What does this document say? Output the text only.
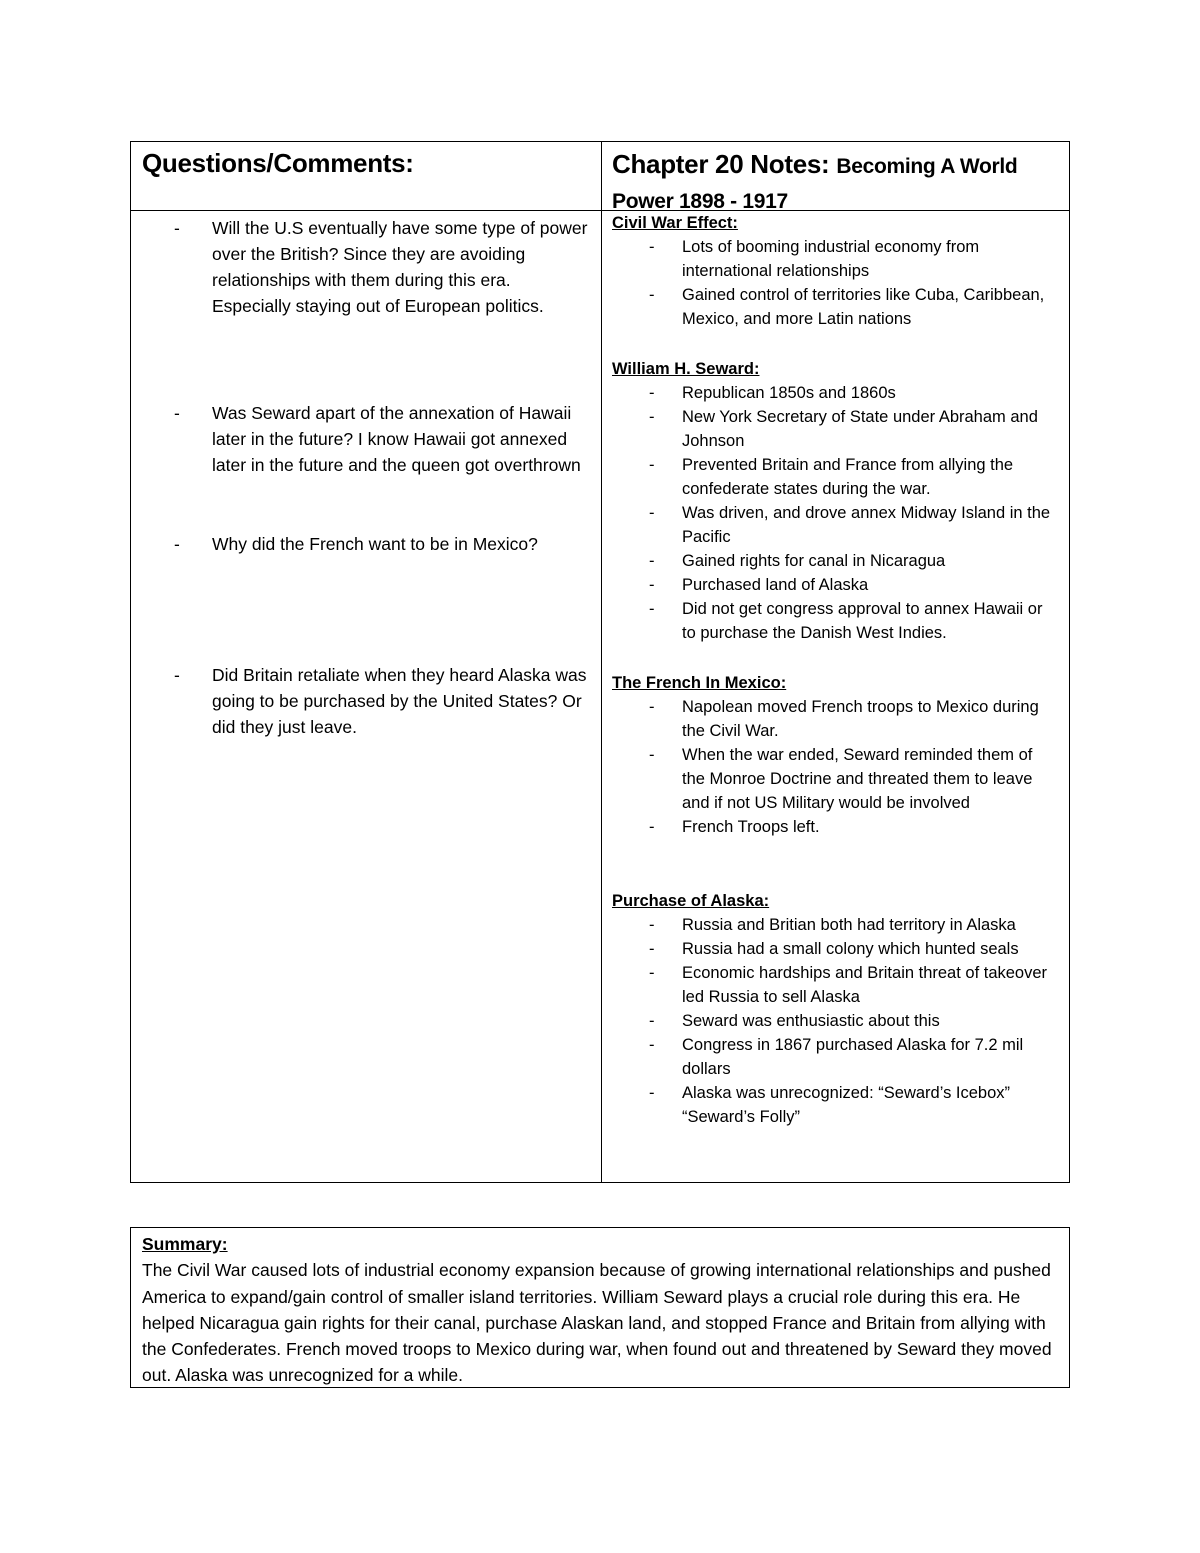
Questions/Comments:	Chapter 20 Notes: Becoming A World Power 1898 - 1917
- Will the U.S eventually have some type of power over the British? Since they are avoiding relationships with them during this era. Especially staying out of European politics.
- Was Seward apart of the annexation of Hawaii later in the future? I know Hawaii got annexed later in the future and the queen got overthrown
- Why did the French want to be in Mexico?
- Did Britain retaliate when they heard Alaska was going to be purchased by the United States? Or did they just leave.

Civil War Effect:

- Lots of booming industrial economy from international relationships
- Gained control of territories like Cuba, Caribbean, Mexico, and more Latin nations

William H. Seward:

- Republican 1850s and 1860s
- New York Secretary of State under Abraham and Johnson
- Prevented Britain and France from allying the confederate states during the war.
- Was driven, and drove annex Midway Island in the Pacific
- Gained rights for canal in Nicaragua
- Purchased land of Alaska
- Did not get congress approval to annex Hawaii or to purchase the Danish West Indies.

The French In Mexico:

- Napolean moved French troops to Mexico during the Civil War.
- When the war ended, Seward reminded them of the Monroe Doctrine and threated them to leave and if not US Military would be involved
- French Troops left.

Purchase of Alaska:

- Russia and Britian both had territory in Alaska
- Russia had a small colony which hunted seals
- Economic hardships and Britain threat of takeover led Russia to sell Alaska
- Seward was enthusiastic about this
- Congress in 1867 purchased Alaska for 7.2 mil dollars
- Alaska was unrecognized: “Seward’s Icebox” “Seward’s Folly”
Summary:
The Civil War caused lots of industrial economy expansion because of growing international relationships and pushed America to expand/gain control of smaller island territories. William Seward plays a crucial role during this era. He helped Nicaragua gain rights for their canal, purchase Alaskan land, and stopped France and Britain from allying with the Confederates. French moved troops to Mexico during war, when found out and threatened by Seward they moved out. Alaska was unrecognized for a while.
